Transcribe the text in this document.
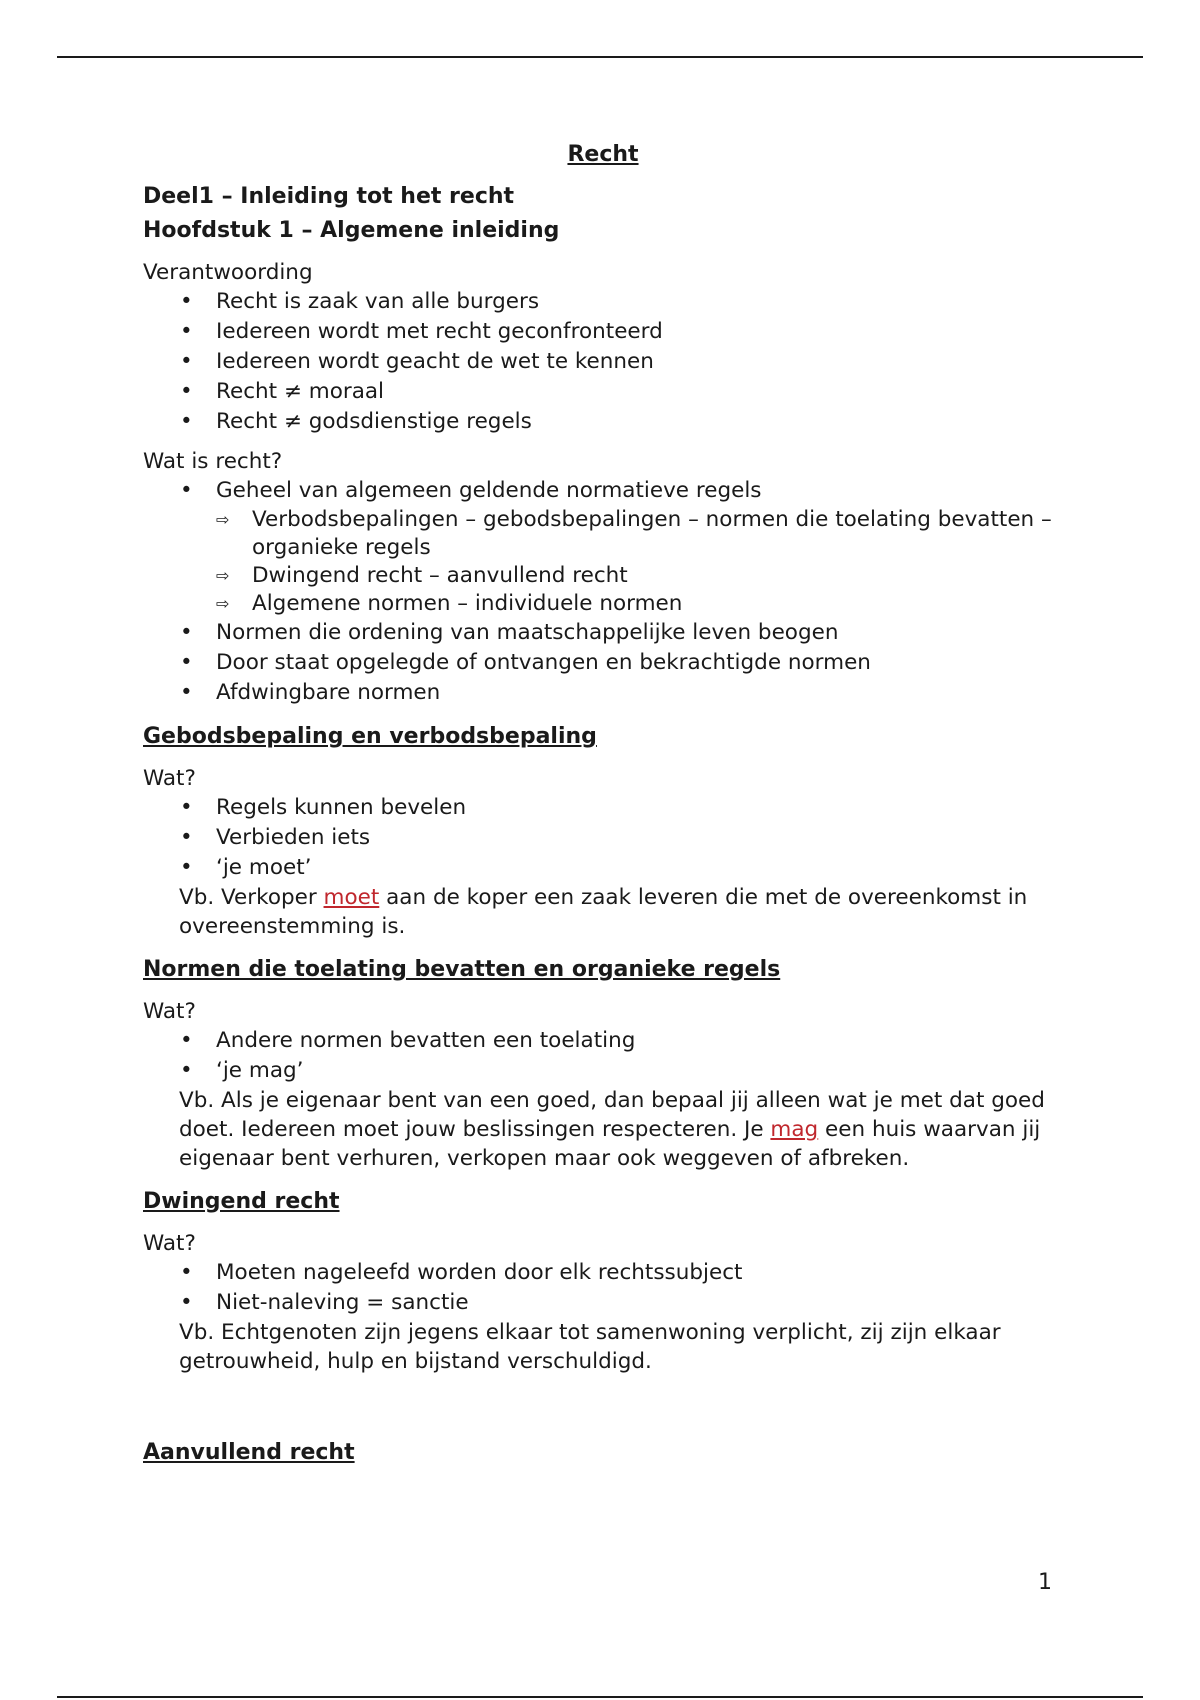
Recht
Deel1 – Inleiding tot het recht
Hoofdstuk 1 – Algemene inleiding
Verantwoording
• Recht is zaak van alle burgers
• Iedereen wordt met recht geconfronteerd
• Iedereen wordt geacht de wet te kennen
• Recht ≠ moraal
• Recht ≠ godsdienstige regels
Wat is recht?
• Geheel van algemeen geldende normatieve regels
⇨ Verbodsbepalingen – gebodsbepalingen – normen die toelating bevatten – organieke regels
⇨ Dwingend recht – aanvullend recht
⇨ Algemene normen – individuele normen
• Normen die ordening van maatschappelijke leven beogen
• Door staat opgelegde of ontvangen en bekrachtigde normen
• Afdwingbare normen
Gebodsbepaling en verbodsbepaling
Wat?
• Regels kunnen bevelen
• Verbieden iets
• ‘je moet’

Vb. Verkoper moet aan de koper een zaak leveren die met de overeenkomst in overeenstemming is.

Normen die toelating bevatten en organieke regels
Wat?
• Andere normen bevatten een toelating
• ‘je mag’

Vb. Als je eigenaar bent van een goed, dan bepaal jij alleen wat je met dat goed doet. Iedereen moet jouw beslissingen respecteren. Je mag een huis waarvan jij eigenaar bent verhuren, verkopen maar ook weggeven of afbreken.

Dwingend recht
Wat?
• Moeten nageleefd worden door elk rechtssubject
• Niet-naleving = sanctie

Vb. Echtgenoten zijn jegens elkaar tot samenwoning verplicht, zij zijn elkaar getrouwheid, hulp en bijstand verschuldigd.

Aanvullend recht
1
